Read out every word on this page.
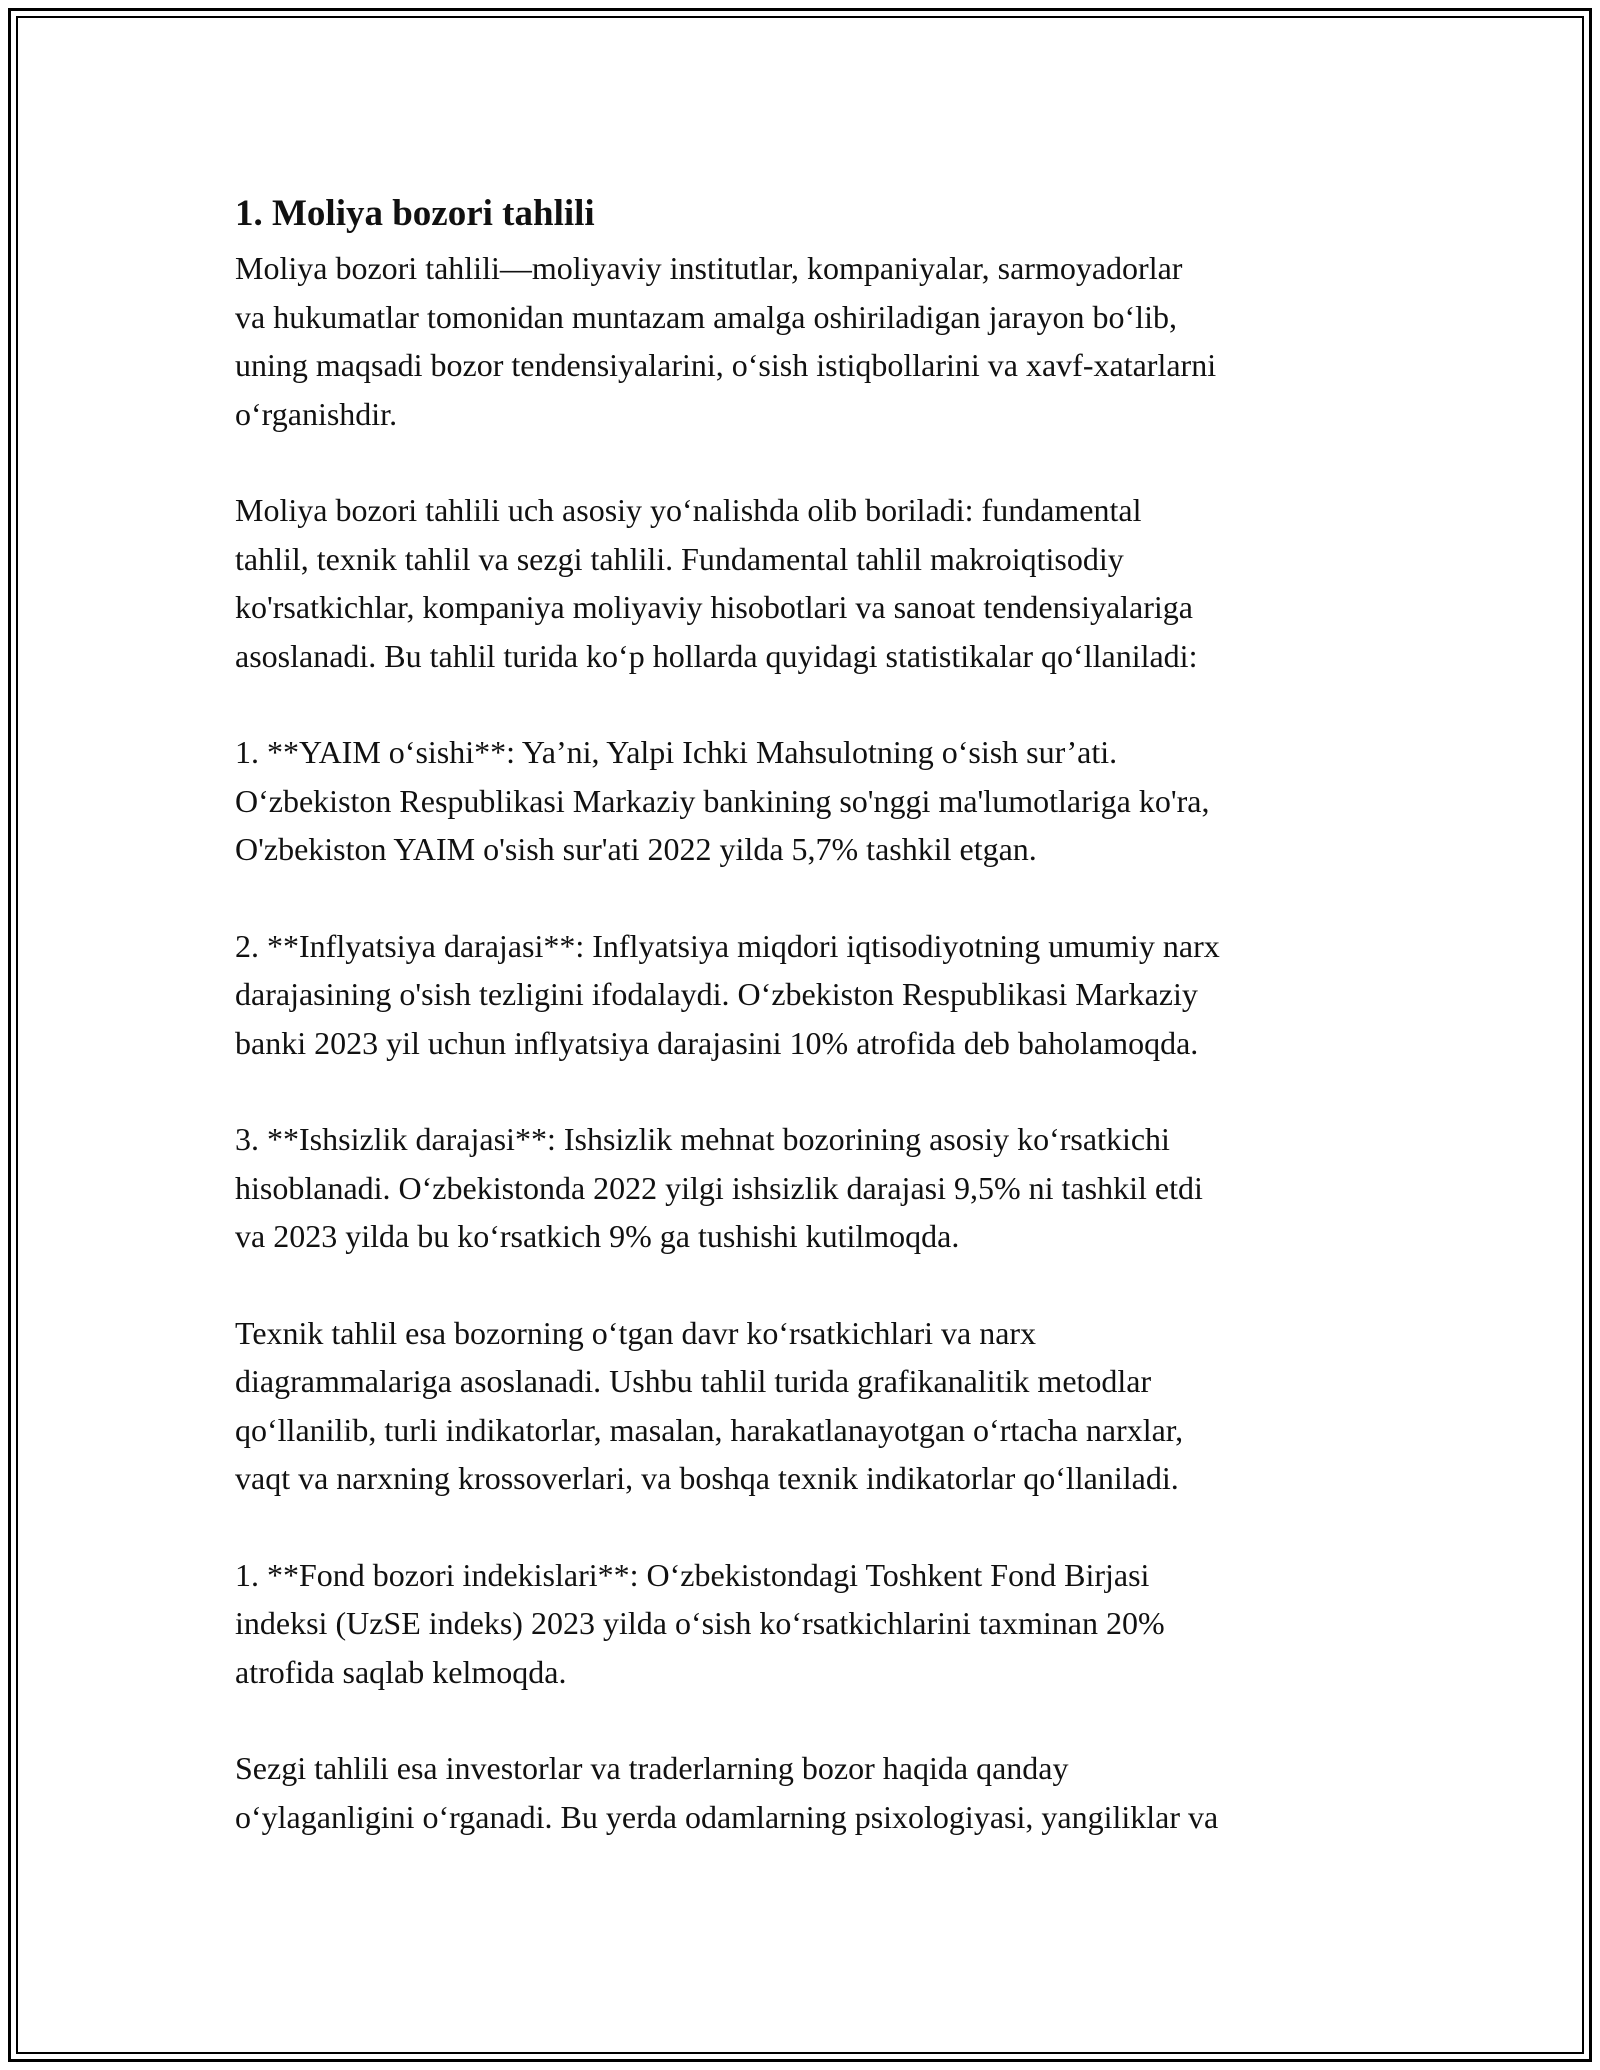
1. Moliya bozori tahlili

Moliya bozori tahlili—moliyaviy institutlar, kompaniyalar, sarmoyadorlar
va hukumatlar tomonidan muntazam amalga oshiriladigan jarayon bo‘lib,
uning maqsadi bozor tendensiyalarini, o‘sish istiqbollarini va xavf-xatarlarni
o‘rganishdir.

Moliya bozori tahlili uch asosiy yo‘nalishda olib boriladi: fundamental
tahlil, texnik tahlil va sezgi tahlili. Fundamental tahlil makroiqtisodiy
ko'rsatkichlar, kompaniya moliyaviy hisobotlari va sanoat tendensiyalariga
asoslanadi. Bu tahlil turida ko‘p hollarda quyidagi statistikalar qo‘llaniladi:

1. **YAIM o‘sishi**: Ya’ni, Yalpi Ichki Mahsulotning o‘sish sur’ati.
O‘zbekiston Respublikasi Markaziy bankining so'nggi ma'lumotlariga ko'ra,
O'zbekiston YAIM o'sish sur'ati 2022 yilda 5,7% tashkil etgan.

2. **Inflyatsiya darajasi**: Inflyatsiya miqdori iqtisodiyotning umumiy narx
darajasining o'sish tezligini ifodalaydi. O‘zbekiston Respublikasi Markaziy
banki 2023 yil uchun inflyatsiya darajasini 10% atrofida deb baholamoqda.

3. **Ishsizlik darajasi**: Ishsizlik mehnat bozorining asosiy ko‘rsatkichi
hisoblanadi. O‘zbekistonda 2022 yilgi ishsizlik darajasi 9,5% ni tashkil etdi
va 2023 yilda bu ko‘rsatkich 9% ga tushishi kutilmoqda.

Texnik tahlil esa bozorning o‘tgan davr ko‘rsatkichlari va narx
diagrammalariga asoslanadi. Ushbu tahlil turida grafikanalitik metodlar
qo‘llanilib, turli indikatorlar, masalan, harakatlanayotgan o‘rtacha narxlar,
vaqt va narxning krossoverlari, va boshqa texnik indikatorlar qo‘llaniladi.

1. **Fond bozori indekislari**: O‘zbekistondagi Toshkent Fond Birjasi
indeksi (UzSE indeks) 2023 yilda o‘sish ko‘rsatkichlarini taxminan 20%
atrofida saqlab kelmoqda.

Sezgi tahlili esa investorlar va traderlarning bozor haqida qanday
o‘ylaganligini o‘rganadi. Bu yerda odamlarning psixologiyasi, yangiliklar va
